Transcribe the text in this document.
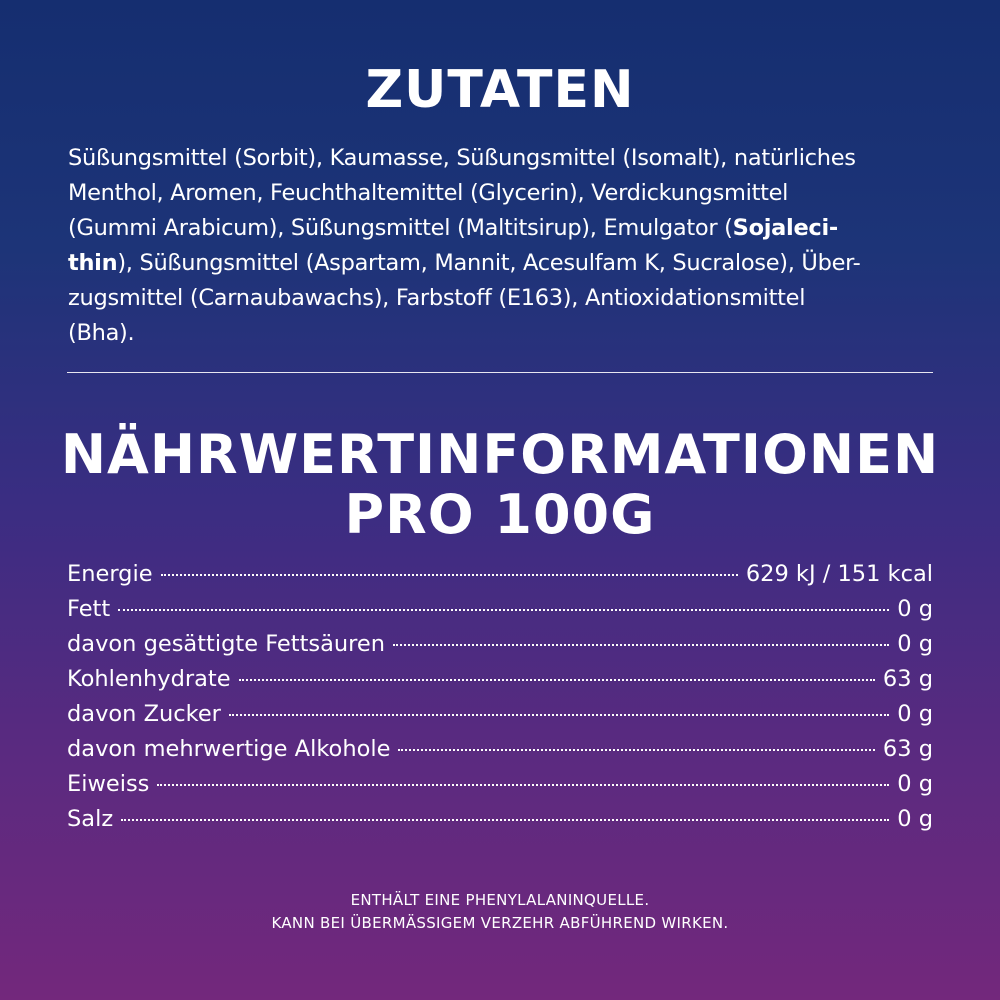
ZUTATEN
Süßungsmittel (Sorbit), Kaumasse, Süßungsmittel (Isomalt), natürliches
Menthol, Aromen, Feuchthaltemittel (Glycerin), Verdickungsmittel
(Gummi Arabicum), Süßungsmittel (Maltitsirup), Emulgator (Sojaleci-
thin), Süßungsmittel (Aspartam, Mannit, Acesulfam K, Sucralose), Über-
zugsmittel (Carnaubawachs), Farbstoff (E163), Antioxidationsmittel
(Bha).
NÄHRWERTINFORMATIONEN
PRO 100G
Energie	629 kJ / 151 kcal
Fett	0 g
davon gesättigte Fettsäuren	0 g
Kohlenhydrate	63 g
davon Zucker	0 g
davon mehrwertige Alkohole	63 g
Eiweiss	0 g
Salz	0 g
ENTHÄLT EINE PHENYLALANINQUELLE.
KANN BEI ÜBERMÄSSIGEM VERZEHR ABFÜHREND WIRKEN.
